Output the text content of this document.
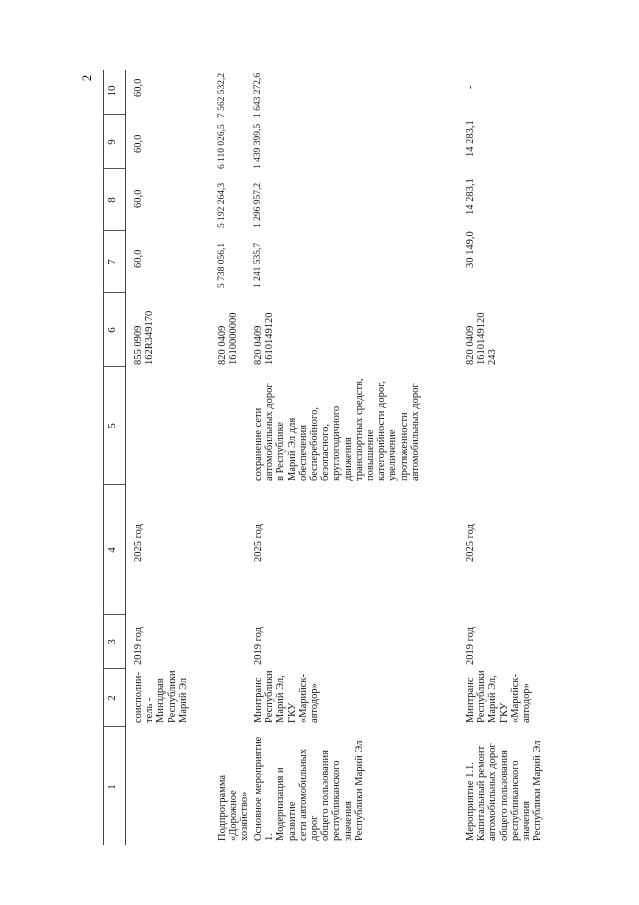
2
1
2
3
4
5
6
7
8
9
10
соисполни-
тель -
Минздрав
Республики
Марий Эл
2019 год
2025 год
855 0909
162R349170
60,0
60,0
60,0
60,0
Подпрограмма «Дорожное
хозяйство»
820 0409
1610000000
5 738 056,1
5 192 264,3
6 110 026,5
7 562 532,2
Основное мероприятие 1.
Модернизация и развитие
сети автомобильных дорог
общего пользования
республиканского значения
Республики Марий Эл
Минтранс
Республики
Марий Эл,
ГКУ
«Марийск-
автодор»
2019 год
2025 год
сохранение сети
автомобильных дорог
в Республике
Марий Эл для
обеспечения
бесперебойного,
безопасного,
круглогодичного
движения
транспортных средств,
повышение
категорийности дорог,
увеличение
протяженности
автомобильных дорог
820 0409
1610149120
1 241 535,7
1 296 957,2
1 439 399,5
1 643 272,6
Мероприятие 1.1.
Капитальный ремонт
автомобильных дорог
общего пользования
республиканского значения
Республики Марий Эл
Минтранс
Республики
Марий Эл,
ГКУ
«Марийск-
автодор»
2019 год
2025 год
820 0409
1610149120
243
30 149,0
14 283,1
14 283,1
-
